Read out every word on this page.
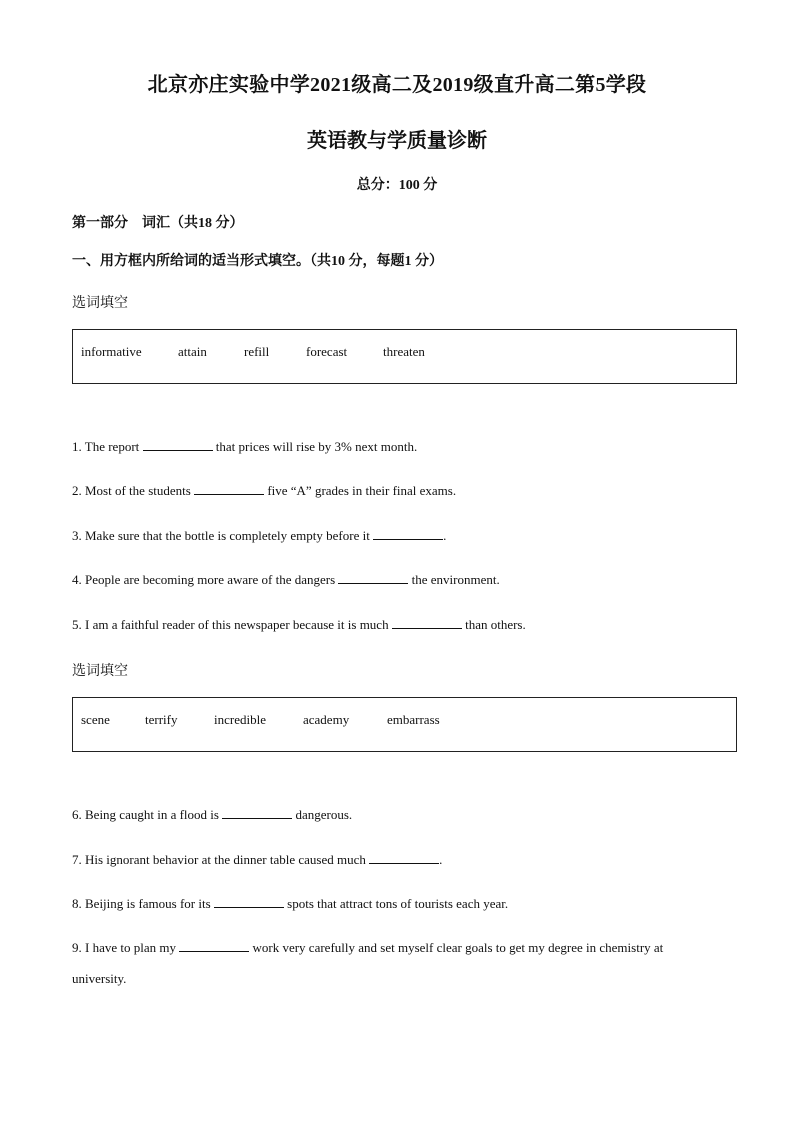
北京亦庄实验中学2021级高二及2019级直升高二第5学段
英语教与学质量诊断
总分：100 分
第一部分 词汇（共18 分）
一、用方框内所给词的适当形式填空。（共10 分，每题1 分）
选词填空
informative	attain	refill	forecast	threaten
1. The report	that prices will rise by 3% next month.
2. Most of the students	five “A” grades in their final exams.
3. Make sure that the bottle is completely empty before it	.
4. People are becoming more aware of the dangers	the environment.
5. I am a faithful reader of this newspaper because it is much	than others.
选词填空
scene	terrify	incredible	academy	embarrass
6. Being caught in a flood is	dangerous.
7. His ignorant behavior at the dinner table caused much	.
8. Beijing is famous for its	spots that attract tons of tourists each year.
9. I have to plan my	work very carefully and set myself clear goals to get my degree in chemistry at university.
